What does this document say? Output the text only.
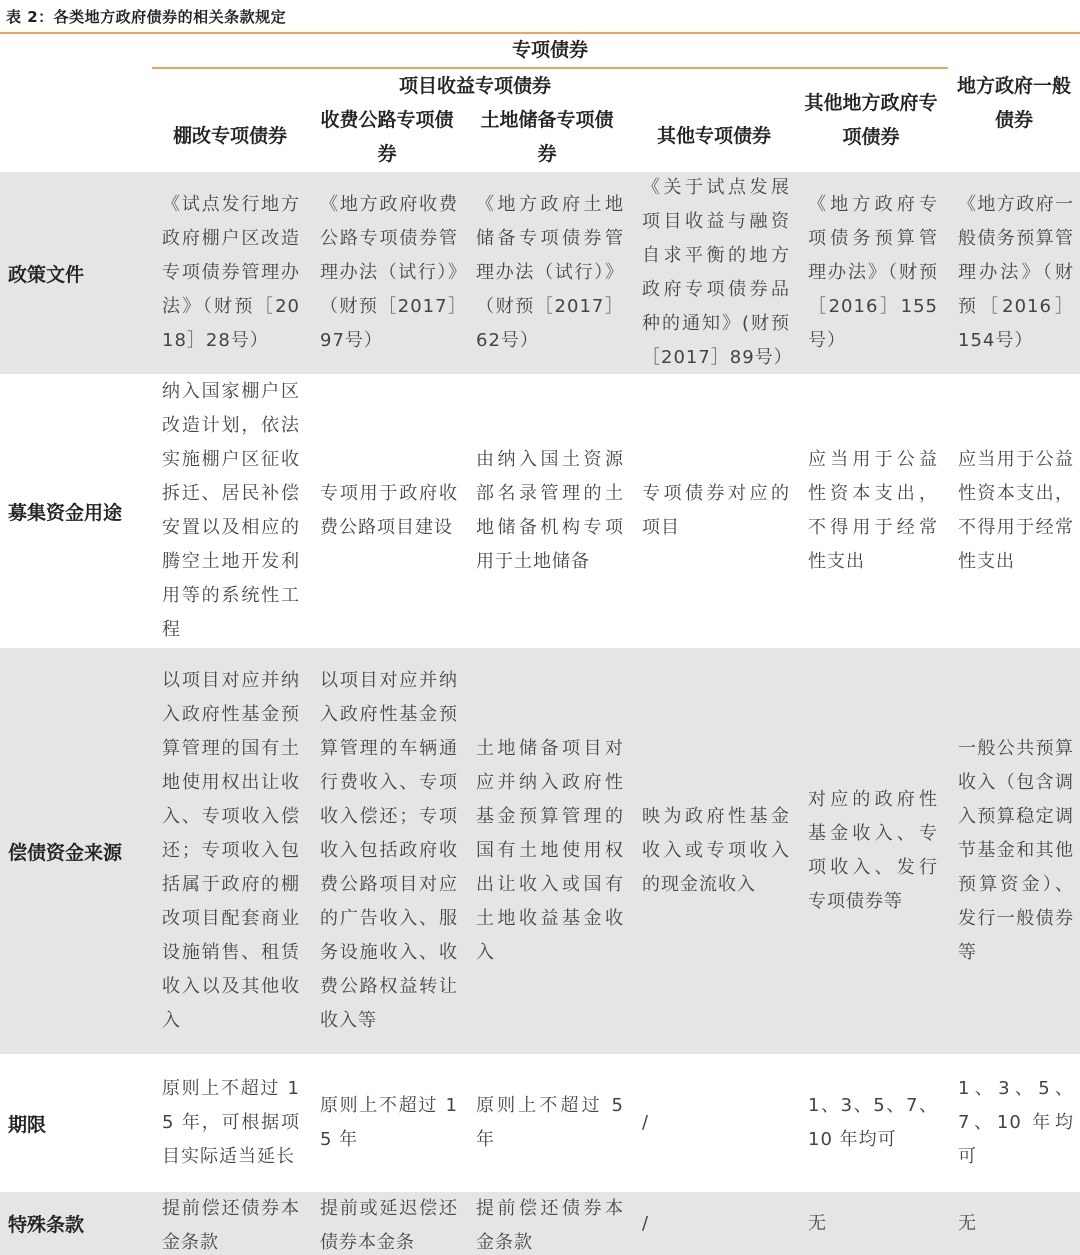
表 2：各类地方政府债券的相关条款规定
专项债券
项目收益专项债券
棚改专项债券
收费公路专项债券
土地储备专项债券
其他专项债券
其他地方政府专项债券
地方政府一般债券
政策文件
《试点发行地方政府棚户区改造专项债券管理办法》（财预［2018］28号）
《地方政府收费公路专项债券管理办法（试行）》（财预［2017］97号）
《地方政府土地储备专项债券管理办法（试行）》（财预［2017］62号）
《关于试点发展项目收益与融资自求平衡的地方政府专项债券品种的通知》(财预［2017］89号）
《地方政府专项债务预算管理办法》（财预［2016］155号）
《地方政府一般债务预算管理办法》（财预［2016］154号）
募集资金用途
纳入国家棚户区改造计划，依法实施棚户区征收拆迁、居民补偿安置以及相应的腾空土地开发利用等的系统性工程
专项用于政府收费公路项目建设
由纳入国土资源部名录管理的土地储备机构专项用于土地储备
专项债券对应的项目
应当用于公益性资本支出，不得用于经常性支出
应当用于公益性资本支出，不得用于经常性支出
偿债资金来源
以项目对应并纳入政府性基金预算管理的国有土地使用权出让收入、专项收入偿还；专项收入包括属于政府的棚改项目配套商业设施销售、租赁收入以及其他收入
以项目对应并纳入政府性基金预算管理的车辆通行费收入、专项收入偿还；专项收入包括政府收费公路项目对应的广告收入、服务设施收入、收费公路权益转让收入等
土地储备项目对应并纳入政府性基金预算管理的国有土地使用权出让收入或国有土地收益基金收入
映为政府性基金收入或专项收入的现金流收入
对应的政府性基金收入、专项收入、发行专项债券等
一般公共预算收入（包含调入预算稳定调节基金和其他预算资金）、发行一般债券等
期限
原则上不超过 15 年，可根据项目实际适当延长
原则上不超过 15 年
原则上不超过 5 年
/
1、3、5、7、10 年均可
1、3、5、7、10 年均可
特殊条款
提前偿还债券本金条款
提前或延迟偿还债券本金条
提前偿还债券本金条款
/	无	无
